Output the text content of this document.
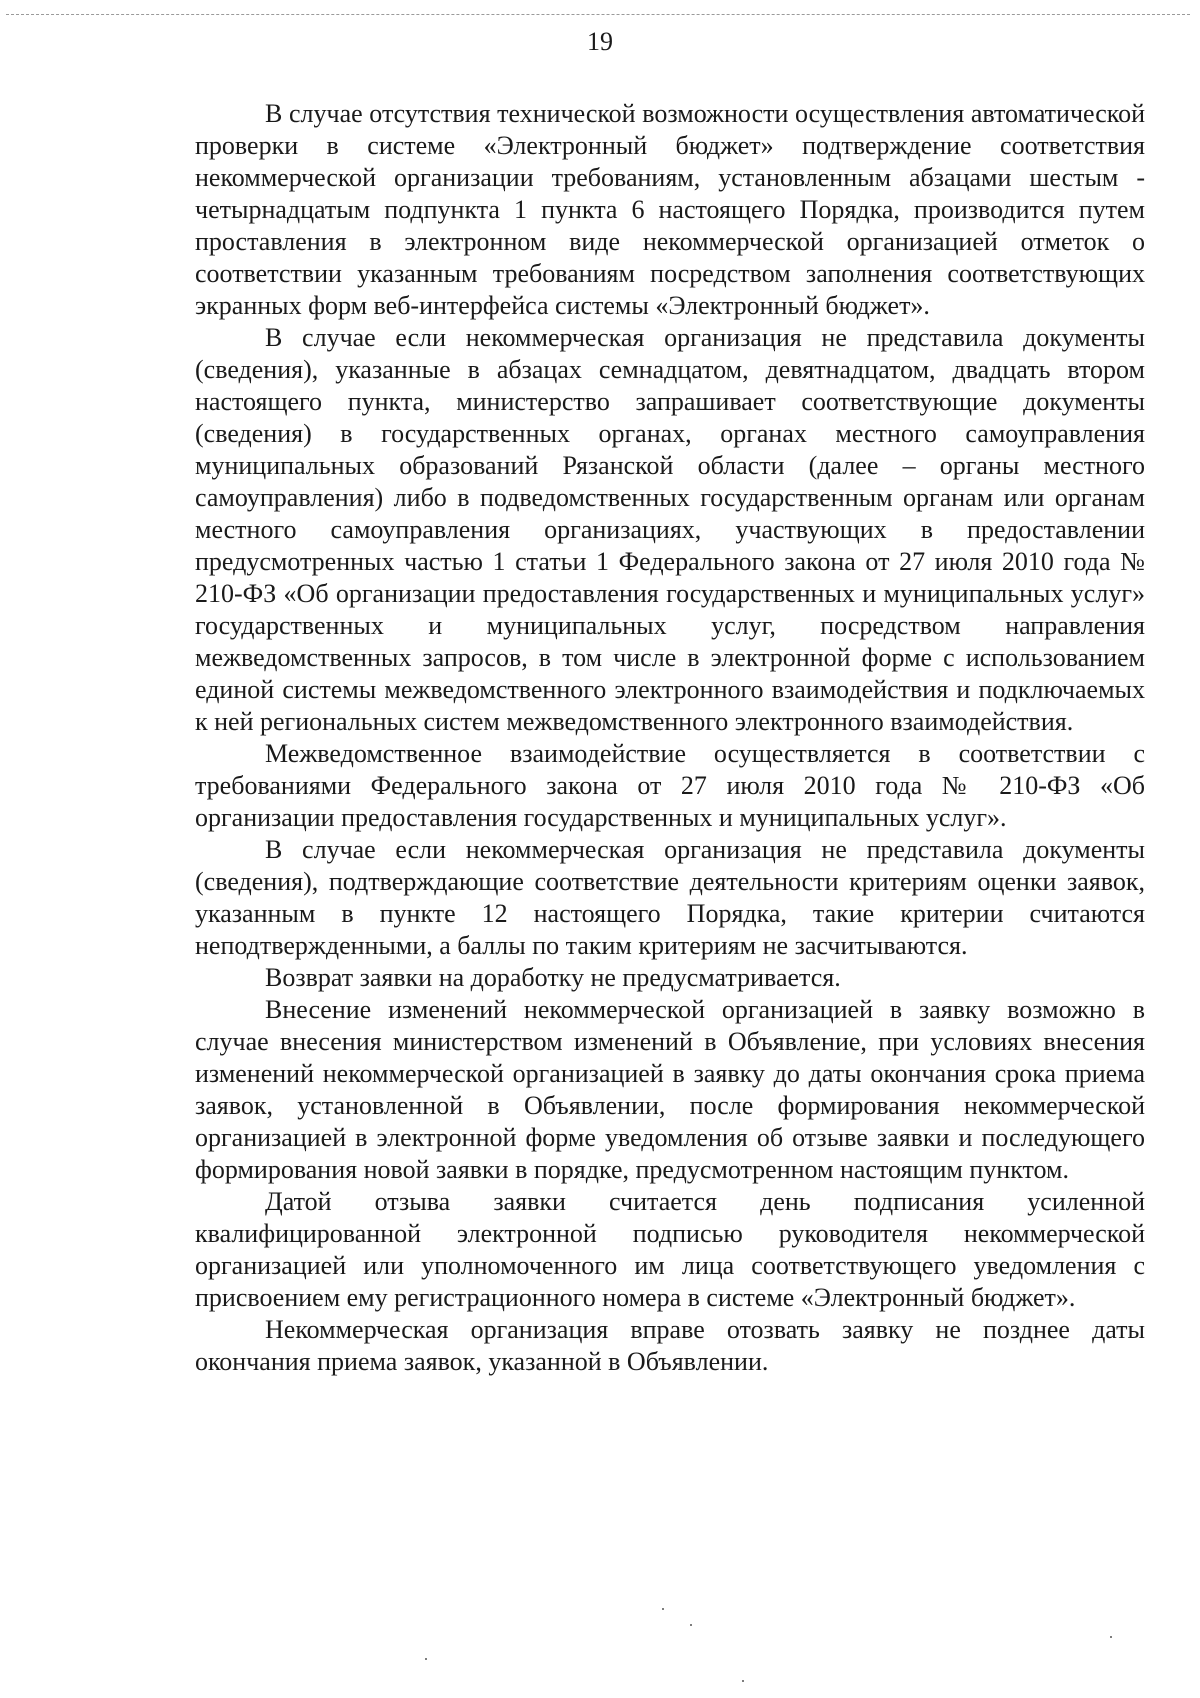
19

В случае отсутствия технической возможности осуществления автоматической проверки в системе «Электронный бюджет» подтверждение соответствия некоммерческой организации требованиям, установленным абзацами шестым - четырнадцатым подпункта 1 пункта 6 настоящего Порядка, производится путем проставления в электронном виде некоммерческой организацией отметок о соответствии указанным требованиям посредством заполнения соответствующих экранных форм веб-интерфейса системы «Электронный бюджет».

В случае если некоммерческая организация не представила документы (сведения), указанные в абзацах семнадцатом, девятнадцатом, двадцать втором настоящего пункта, министерство запрашивает соответствующие документы (сведения) в государственных органах, органах местного самоуправления муниципальных образований Рязанской области (далее – органы местного самоуправления) либо в подведомственных государственным органам или органам местного самоуправления организациях, участвующих в предоставлении предусмотренных частью 1 статьи 1 Федерального закона от 27 июля 2010 года № 210-ФЗ «Об организации предоставления государственных и муниципальных услуг» государственных и муниципальных услуг, посредством направления межведомственных запросов, в том числе в электронной форме с использованием единой системы межведомственного электронного взаимодействия и подключаемых к ней региональных систем межведомственного электронного взаимодействия.

Межведомственное взаимодействие осуществляется в соответствии с требованиями Федерального закона от 27 июля 2010 года № 210-ФЗ «Об организации предоставления государственных и муниципальных услуг».

В случае если некоммерческая организация не представила документы (сведения), подтверждающие соответствие деятельности критериям оценки заявок, указанным в пункте 12 настоящего Порядка, такие критерии считаются неподтвержденными, а баллы по таким критериям не засчитываются.

Возврат заявки на доработку не предусматривается.

Внесение изменений некоммерческой организацией в заявку возможно в случае внесения министерством изменений в Объявление, при условиях внесения изменений некоммерческой организацией в заявку до даты окончания срока приема заявок, установленной в Объявлении, после формирования некоммерческой организацией в электронной форме уведомления об отзыве заявки и последующего формирования новой заявки в порядке, предусмотренном настоящим пунктом.

Датой отзыва заявки считается день подписания усиленной квалифицированной электронной подписью руководителя некоммерческой организацией или уполномоченного им лица соответствующего уведомления с присвоением ему регистрационного номера в системе «Электронный бюджет».

Некоммерческая организация вправе отозвать заявку не позднее даты окончания приема заявок, указанной в Объявлении.
